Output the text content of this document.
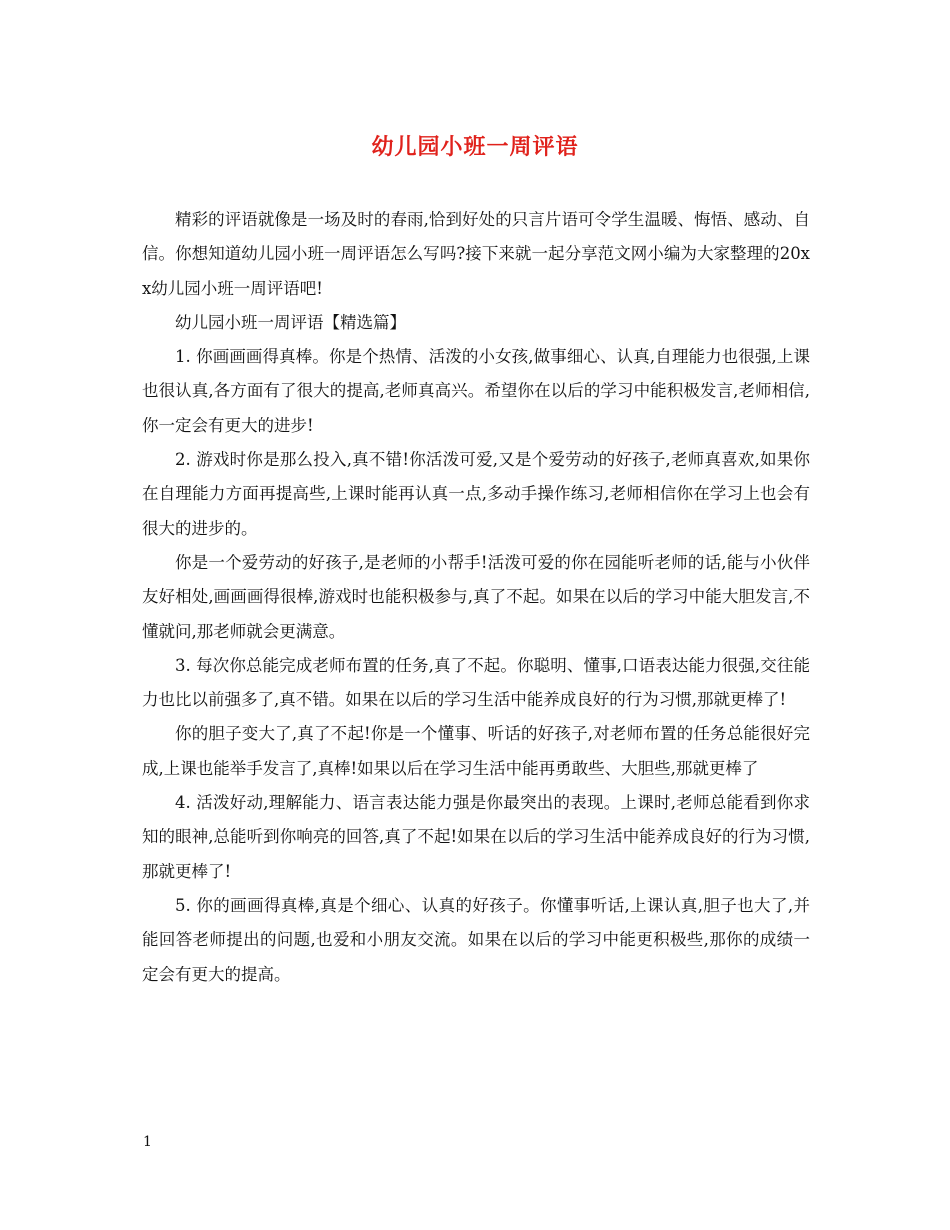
幼儿园小班一周评语

精彩的评语就像是一场及时的春雨,恰到好处的只言片语可令学生温暖、悔悟、感动、自信。你想知道幼儿园小班一周评语怎么写吗?接下来就一起分享范文网小编为大家整理的20xx幼儿园小班一周评语吧!

幼儿园小班一周评语【精选篇】

1. 你画画画得真棒。你是个热情、活泼的小女孩,做事细心、认真,自理能力也很强,上课也很认真,各方面有了很大的提高,老师真高兴。希望你在以后的学习中能积极发言,老师相信,你一定会有更大的进步!

2. 游戏时你是那么投入,真不错!你活泼可爱,又是个爱劳动的好孩子,老师真喜欢,如果你在自理能力方面再提高些,上课时能再认真一点,多动手操作练习,老师相信你在学习上也会有很大的进步的。

你是一个爱劳动的好孩子,是老师的小帮手!活泼可爱的你在园能听老师的话,能与小伙伴友好相处,画画画得很棒,游戏时也能积极参与,真了不起。如果在以后的学习中能大胆发言,不懂就问,那老师就会更满意。

3. 每次你总能完成老师布置的任务,真了不起。你聪明、懂事,口语表达能力很强,交往能力也比以前强多了,真不错。如果在以后的学习生活中能养成良好的行为习惯,那就更棒了!

你的胆子变大了,真了不起!你是一个懂事、听话的好孩子,对老师布置的任务总能很好完成,上课也能举手发言了,真棒!如果以后在学习生活中能再勇敢些、大胆些,那就更棒了

4. 活泼好动,理解能力、语言表达能力强是你最突出的表现。上课时,老师总能看到你求知的眼神,总能听到你响亮的回答,真了不起!如果在以后的学习生活中能养成良好的行为习惯,那就更棒了!

5. 你的画画得真棒,真是个细心、认真的好孩子。你懂事听话,上课认真,胆子也大了,并能回答老师提出的问题,也爱和小朋友交流。如果在以后的学习中能更积极些,那你的成绩一定会有更大的提高。

1
